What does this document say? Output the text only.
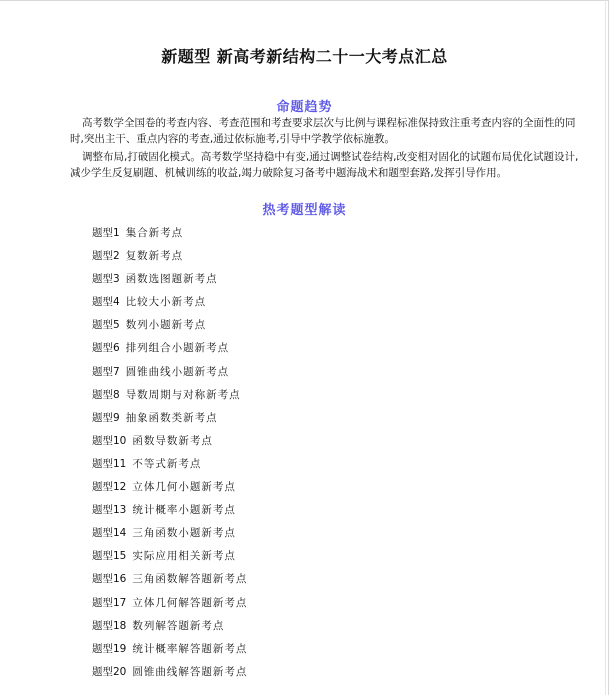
新题型 新高考新结构二十一大考点汇总
命题趋势
高考数学全国卷的考查内容、考查范围和考查要求层次与比例与课程标准保持致注重考查内容的全面性的同时,突出主干、重点内容的考查,通过依标施考,引导中学教学依标施教。
调整布局,打破固化模式。高考数学坚持稳中有变,通过调整试卷结构,改变相对固化的试题布局优化试题设计,减少学生反复刷题、机械训练的收益,竭力破除复习备考中题海战术和题型套路,发挥引导作用。
热考题型解读
题型1 集合新考点
题型2 复数新考点
题型3 函数选图题新考点
题型4 比较大小新考点
题型5 数列小题新考点
题型6 排列组合小题新考点
题型7 圆锥曲线小题新考点
题型8 导数周期与对称新考点
题型9 抽象函数类新考点
题型10 函数导数新考点
题型11 不等式新考点
题型12 立体几何小题新考点
题型13 统计概率小题新考点
题型14 三角函数小题新考点
题型15 实际应用相关新考点
题型16 三角函数解答题新考点
题型17 立体几何解答题新考点
题型18 数列解答题新考点
题型19 统计概率解答题新考点
题型20 圆锥曲线解答题新考点
